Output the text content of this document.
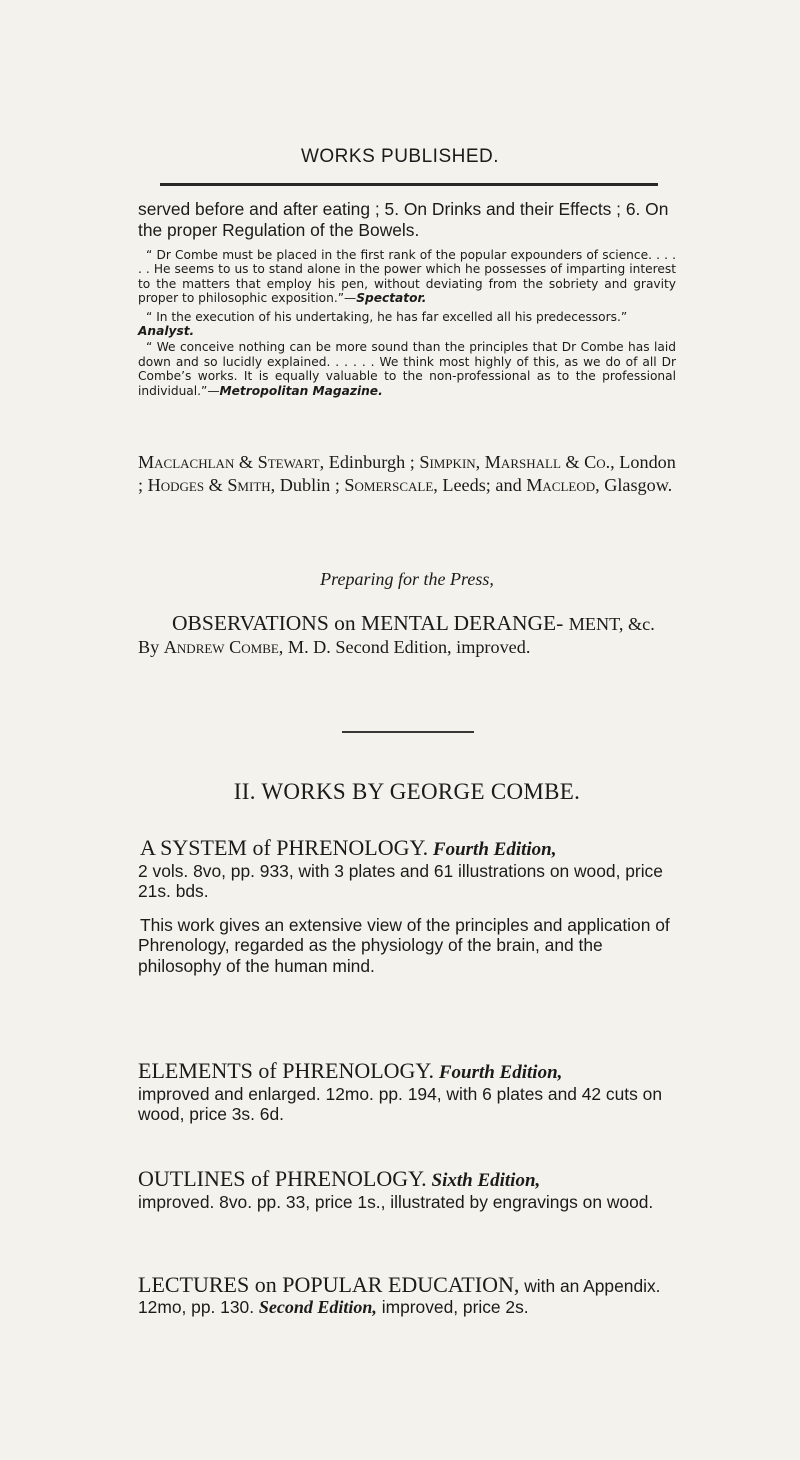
WORKS PUBLISHED.

served before and after eating ; 5. On Drinks and their Effects ; 6. On the proper Regulation of the Bowels.

“ Dr Combe must be placed in the first rank of the popular expounders of science. . . . . . He seems to us to stand alone in the power which he possesses of imparting interest to the matters that employ his pen, without deviating from the sobriety and gravity proper to philosophic exposition.”—Spectator.

“ In the execution of his undertaking, he has far excelled all his predecessors.”
Analyst.

“ We conceive nothing can be more sound than the principles that Dr Combe has laid down and so lucidly explained. . . . . . We think most highly of this, as we do of all Dr Combe’s works. It is equally valuable to the non-professional as to the professional individual.”—Metropolitan Magazine.

Maclachlan & Stewart, Edinburgh ; Simpkin, Marshall & Co., London ; Hodges & Smith, Dublin ; Somerscale, Leeds; and Macleod, Glasgow.

Preparing for the Press,

OBSERVATIONS on MENTAL DERANGE- MENT, &c. By Andrew Combe, M. D. Second Edition, improved.

II. WORKS BY GEORGE COMBE.

A SYSTEM of PHRENOLOGY. Fourth Edition,
2 vols. 8vo, pp. 933, with 3 plates and 61 illustrations on wood, price 21s. bds.

This work gives an extensive view of the principles and application of Phrenology, regarded as the physiology of the brain, and the philosophy of the human mind.

ELEMENTS of PHRENOLOGY. Fourth Edition,
improved and enlarged. 12mo. pp. 194, with 6 plates and 42 cuts on wood, price 3s. 6d.

OUTLINES of PHRENOLOGY. Sixth Edition,
improved. 8vo. pp. 33, price 1s., illustrated by engravings on wood.

LECTURES on POPULAR EDUCATION, with an Appendix. 12mo, pp. 130. Second Edition, improved, price 2s.
